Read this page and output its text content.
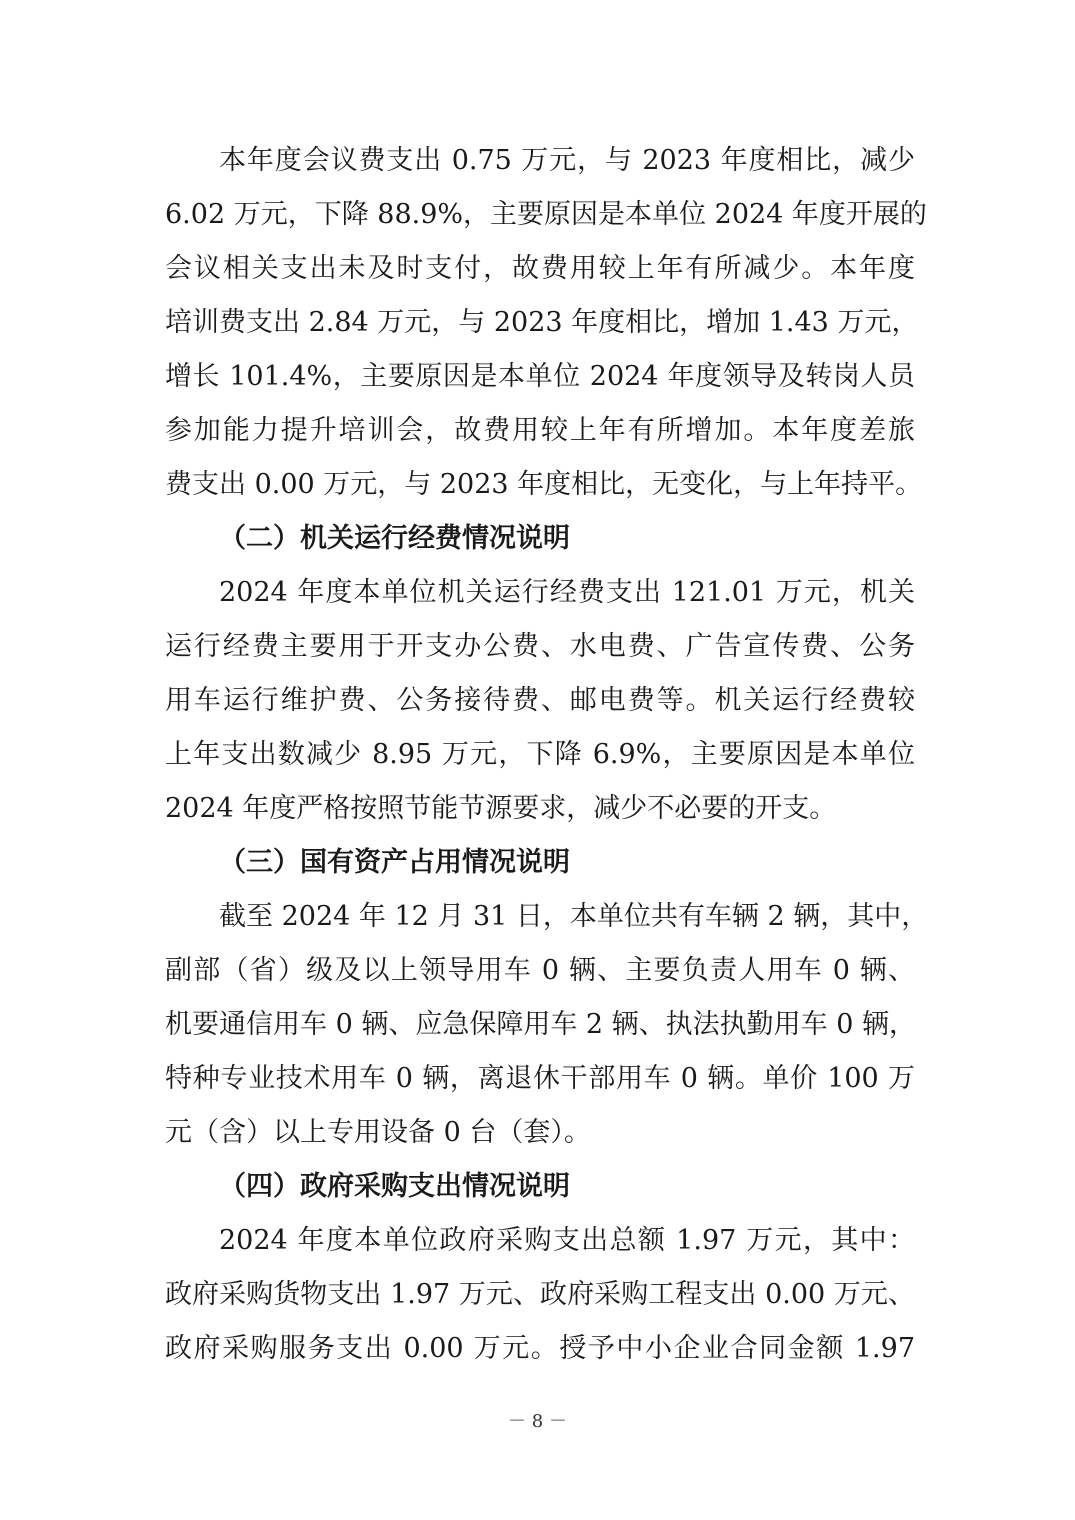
本年度会议费支出 0.75 万元，与 2023 年度相比，减少
6.02 万元，下降 88.9%，主要原因是本单位 2024 年度开展的
会议相关支出未及时支付，故费用较上年有所减少。本年度
培训费支出 2.84 万元，与 2023 年度相比，增加 1.43 万元，
增长 101.4%，主要原因是本单位 2024 年度领导及转岗人员
参加能力提升培训会，故费用较上年有所增加。本年度差旅
费支出 0.00 万元，与 2023 年度相比，无变化，与上年持平。
（二）机关运行经费情况说明
2024 年度本单位机关运行经费支出 121.01 万元，机关
运行经费主要用于开支办公费、水电费、广告宣传费、公务
用车运行维护费、公务接待费、邮电费等。机关运行经费较
上年支出数减少 8.95 万元，下降 6.9%，主要原因是本单位
2024 年度严格按照节能节源要求，减少不必要的开支。
（三）国有资产占用情况说明
截至 2024 年 12 月 31 日，本单位共有车辆 2 辆，其中，
副部（省）级及以上领导用车 0 辆、主要负责人用车 0 辆、
机要通信用车 0 辆、应急保障用车 2 辆、执法执勤用车 0 辆，
特种专业技术用车 0 辆，离退休干部用车 0 辆。单价 100 万
元（含）以上专用设备 0 台（套）。
（四）政府采购支出情况说明
2024 年度本单位政府采购支出总额 1.97 万元，其中：
政府采购货物支出 1.97 万元、政府采购工程支出 0.00 万元、
政府采购服务支出 0.00 万元。授予中小企业合同金额 1.97
－ 8 －
